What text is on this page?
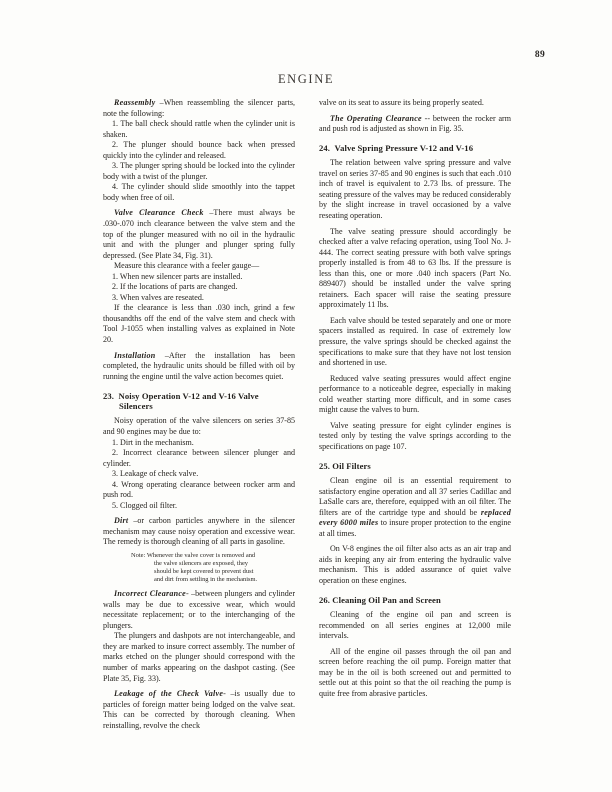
89
ENGINE

Reassembly –When reassembling the silencer parts, note the following:

1. The ball check should rattle when the cylinder unit is shaken.

2. The plunger should bounce back when pressed quickly into the cylinder and released.

3. The plunger spring should be locked into the cylinder body with a twist of the plunger.

4. The cylinder should slide smoothly into the tappet body when free of oil.

Valve Clearance Check –There must always be .030-.070 inch clearance between the valve stem and the top of the plunger measured with no oil in the hydraulic unit and with the plunger and plunger spring fully depressed. (See Plate 34, Fig. 31).

Measure this clearance with a feeler gauge—

1. When new silencer parts are installed.

2. If the locations of parts are changed.

3. When valves are reseated.

If the clearance is less than .030 inch, grind a few thousandths off the end of the valve stem and check with Tool J-1055 when installing valves as explained in Note 20.

Installation –After the installation has been completed, the hydraulic units should be filled with oil by running the engine until the valve action becomes quiet.

23. Noisy Operation V-12 and V-16 Valve
Silencers

Noisy operation of the valve silencers on series 37-85 and 90 engines may be due to:

1. Dirt in the mechanism.

2. Incorrect clearance between silencer plunger and cylinder.

3. Leakage of check valve.

4. Wrong operating clearance between rocker arm and push rod.

5. Clogged oil filter.

Dirt –or carbon particles anywhere in the silencer mechanism may cause noisy operation and excessive wear. The remedy is thorough cleaning of all parts in gasoline.

Note: Whenever the valve cover is removed and
the valve silencers are exposed, they
should be kept covered to prevent dust
and dirt from settling in the mechanism.

Incorrect Clearance- –between plungers and cylinder walls may be due to excessive wear, which would necessitate replacement; or to the interchanging of the plungers.

The plungers and dashpots are not interchangeable, and they are marked to insure correct assembly. The number of marks etched on the plunger should correspond with the number of marks appearing on the dashpot casting. (See Plate 35, Fig. 33).

Leakage of the Check Valve- –is usually due to particles of foreign matter being lodged on the valve seat. This can be corrected by thorough cleaning. When reinstalling, revolve the check

valve on its seat to assure its being properly seated.

The Operating Clearance -- between the rocker arm and push rod is adjusted as shown in Fig. 35.

24. Valve Spring Pressure V-12 and V-16

The relation between valve spring pressure and valve travel on series 37-85 and 90 engines is such that each .010 inch of travel is equivalent to 2.73 lbs. of pressure. The seating pressure of the valves may be reduced considerably by the slight increase in travel occasioned by a valve reseating operation.

The valve seating pressure should accordingly be checked after a valve refacing operation, using Tool No. J-444. The correct seating pressure with both valve springs properly installed is from 48 to 63 lbs. If the pressure is less than this, one or more .040 inch spacers (Part No. 889407) should be installed under the valve spring retainers. Each spacer will raise the seating pressure approximately 11 lbs.

Each valve should be tested separately and one or more spacers installed as required. In case of extremely low pressure, the valve springs should be checked against the specifications to make sure that they have not lost tension and shortened in use.

Reduced valve seating pressures would affect engine performance to a noticeable degree, especially in making cold weather starting more difficult, and in some cases might cause the valves to burn.

Valve seating pressure for eight cylinder engines is tested only by testing the valve springs according to the specifications on page 107.

25. Oil Filters

Clean engine oil is an essential requirement to satisfactory engine operation and all 37 series Cadillac and LaSalle cars are, therefore, equipped with an oil filter. The filters are of the cartridge type and should be replaced every 6000 miles to insure proper protection to the engine at all times.

On V-8 engines the oil filter also acts as an air trap and aids in keeping any air from entering the hydraulic valve mechanism. This is added assurance of quiet valve operation on these engines.

26. Cleaning Oil Pan and Screen

Cleaning of the engine oil pan and screen is recommended on all series engines at 12,000 mile intervals.

All of the engine oil passes through the oil pan and screen before reaching the oil pump. Foreign matter that may be in the oil is both screened out and permitted to settle out at this point so that the oil reaching the pump is quite free from abrasive particles.
